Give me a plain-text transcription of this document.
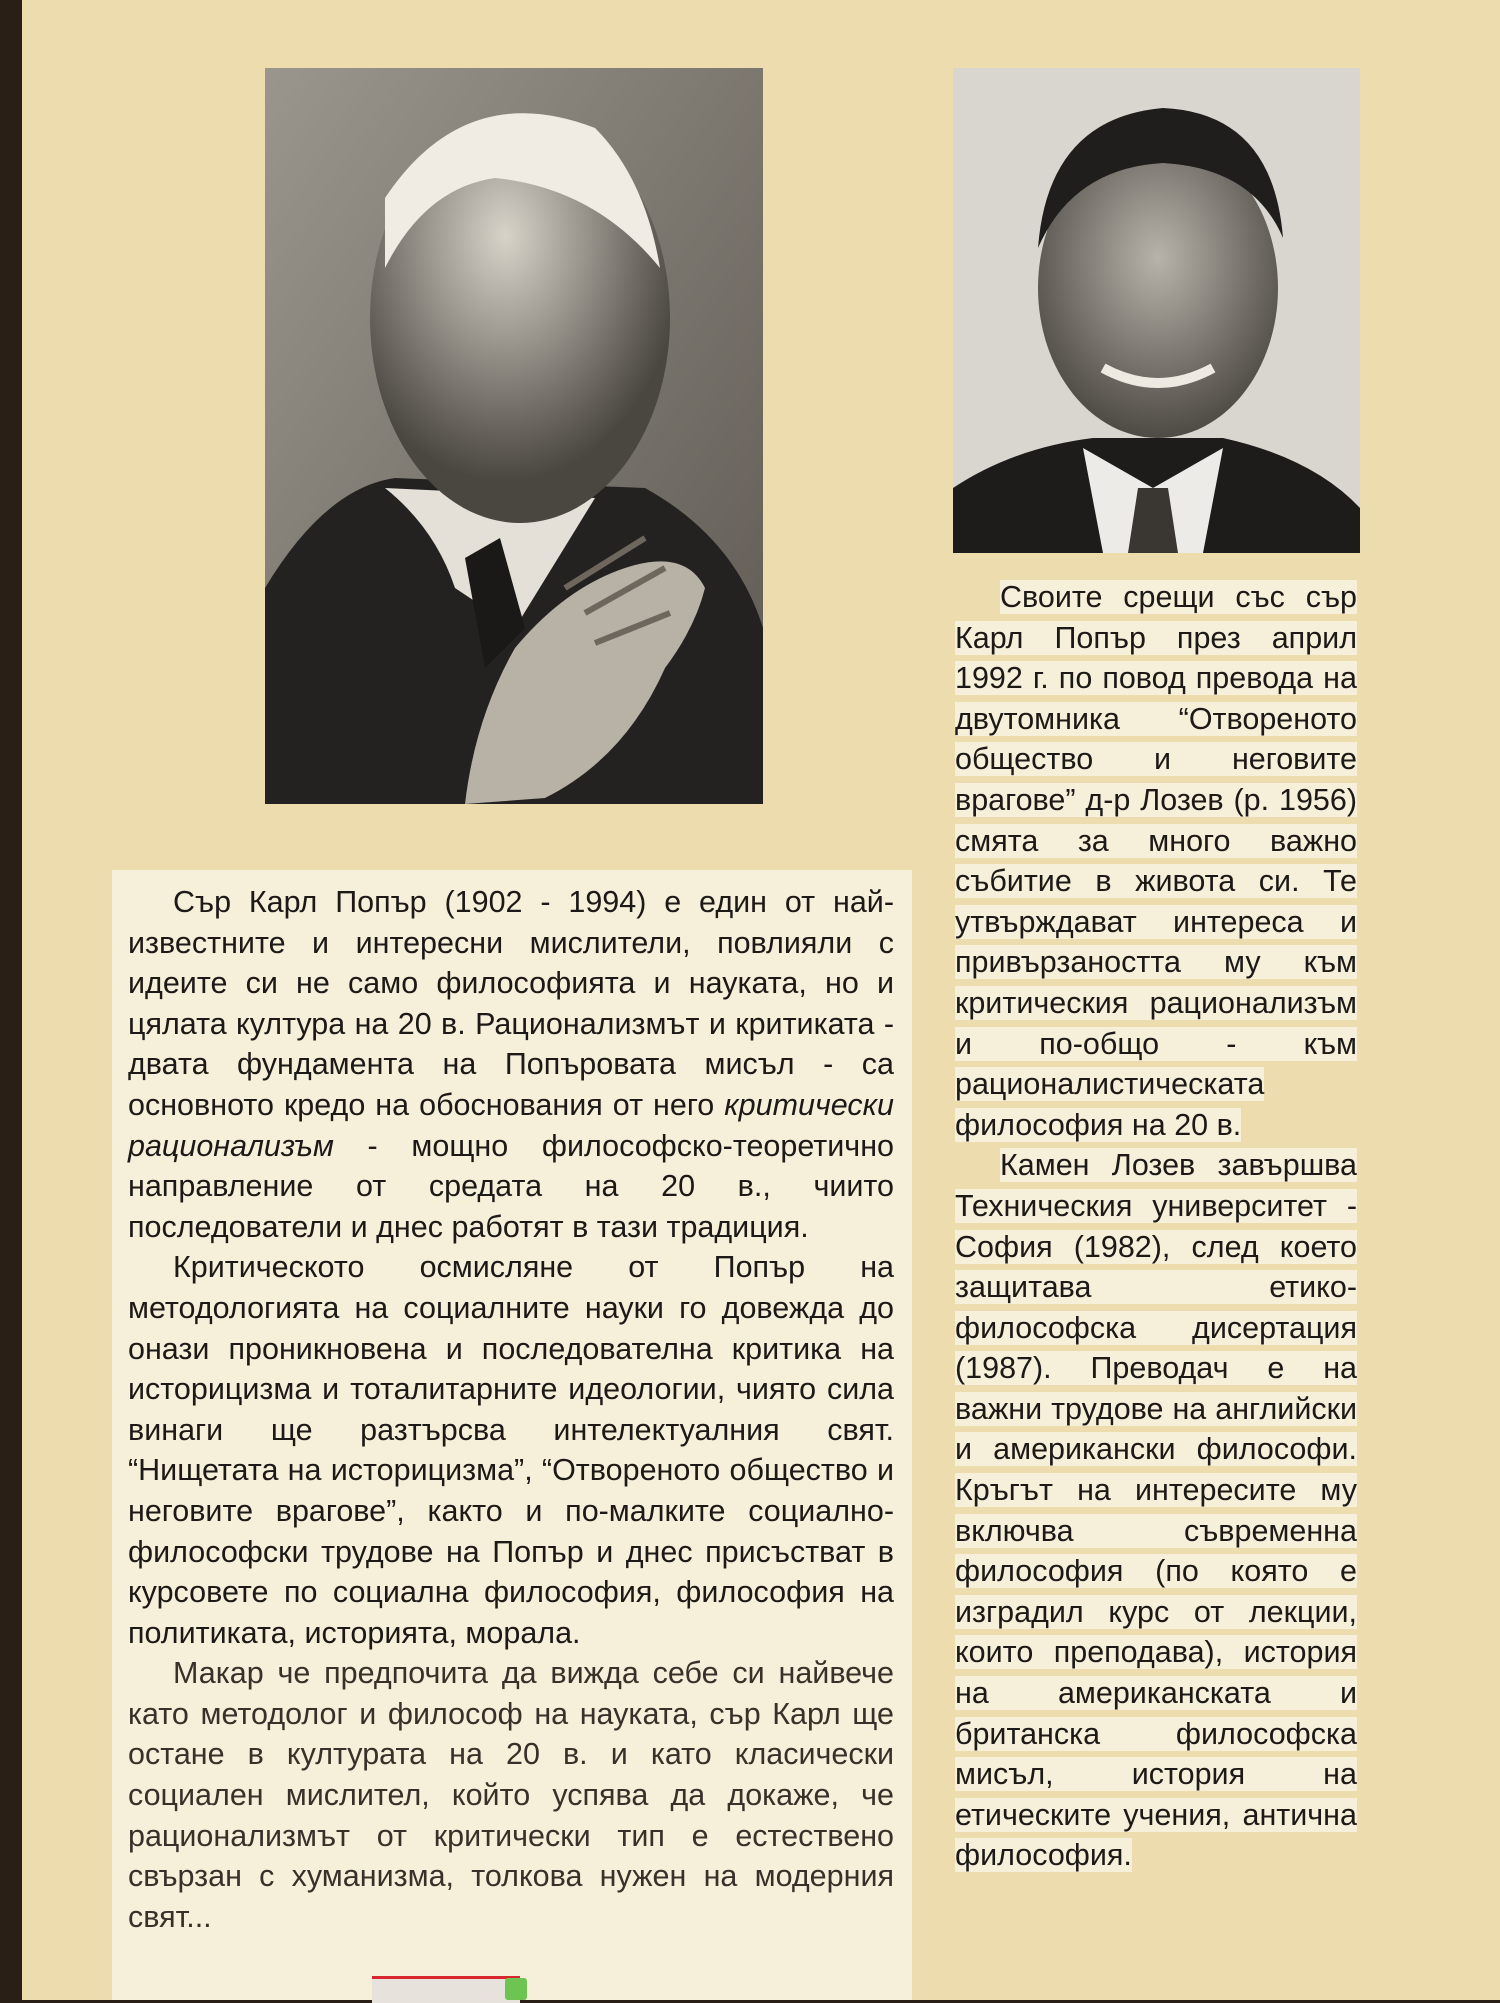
Сър Карл Попър (1902 - 1994) е един от най-известните и интересни мислители, повлияли с идеите си не само философията и науката, но и цялата култура на 20 в. Рационализмът и критиката - двата фундамента на Попъровата мисъл - са основното кредо на обоснования от него критически рационализъм - мощно философско-теоретично направление от средата на 20 в., чиито последователи и днес работят в тази традиция.

Критическото осмисляне от Попър на методологията на социалните науки го довежда до онази проникновена и последователна критика на историцизма и тоталитарните идеологии, чиято сила винаги ще разтърсва интелектуалния свят. “Нищетата на историцизма”, “Отвореното общество и неговите врагове”, както и по-малките социално-философски трудове на Попър и днес присъстват в курсовете по социална философия, философия на политиката, историята, морала.

Макар че предпочита да вижда себе си найвече като методолог и философ на науката, сър Карл ще остане в културата на 20 в. и като класически социален мислител, който успява да докаже, че рационализмът от критически тип е естествено свързан с хуманизма, толкова нужен на модерния свят...

Своите срещи със сър Карл Попър през април 1992 г. по повод превода на двутомника “Отвореното общество и неговите врагове” д-р Лозев (р. 1956) смята за много важно събитие в живота си. Те утвърждават интереса и привързаността му към критическия рационализъм и по-общо - към рационалистическата философия на 20 в.

Камен Лозев завършва Техническия университет - София (1982), след което защитава етико-философска дисертация (1987). Преводач е на важни трудове на английски и американски философи. Кръгът на интересите му включва съвременна философия (по която е изградил курс от лекции, които преподава), история на американската и британска философска мисъл, история на етическите учения, антична философия.
